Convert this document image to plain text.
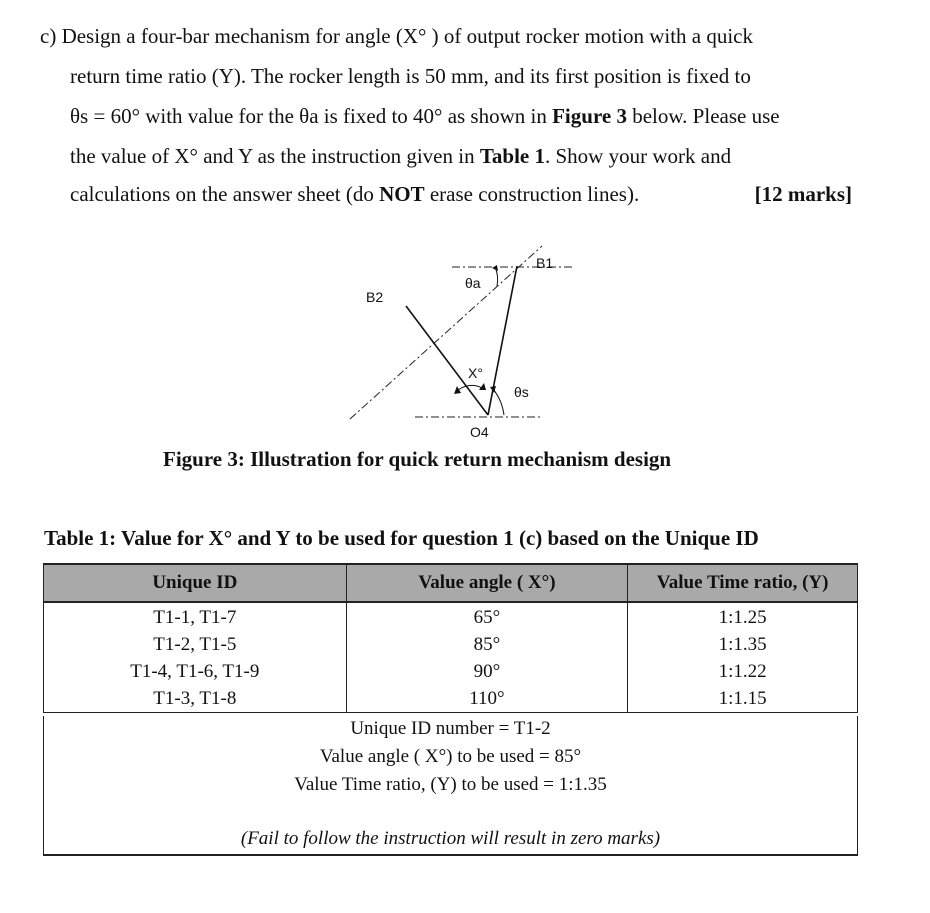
c) Design a four-bar mechanism for angle (X° ) of output rocker motion with a quick
return time ratio (Y). The rocker length is 50 mm, and its first position is fixed to
θs = 60° with value for the θa is fixed to 40° as shown in Figure 3 below. Please use
the value of X° and Y as the instruction given in Table 1. Show your work and
calculations on the answer sheet (do NOT erase construction lines).	[12 marks]
B1
B2
θa
X°
θs
O4
Figure 3: Illustration for quick return mechanism design
Table 1: Value for X° and Y to be used for question 1 (c) based on the Unique ID
Unique ID	Value angle ( X°)	Value Time ratio, (Y)
T1-1, T1-7	65°	1:1.25
T1-2, T1-5	85°	1:1.35
T1-4, T1-6, T1-9	90°	1:1.22
T1-3, T1-8	110°	1:1.15
Unique ID number = T1-2
Value angle ( X°) to be used = 85°
Value Time ratio, (Y) to be used = 1:1.35
(Fail to follow the instruction will result in zero marks)
